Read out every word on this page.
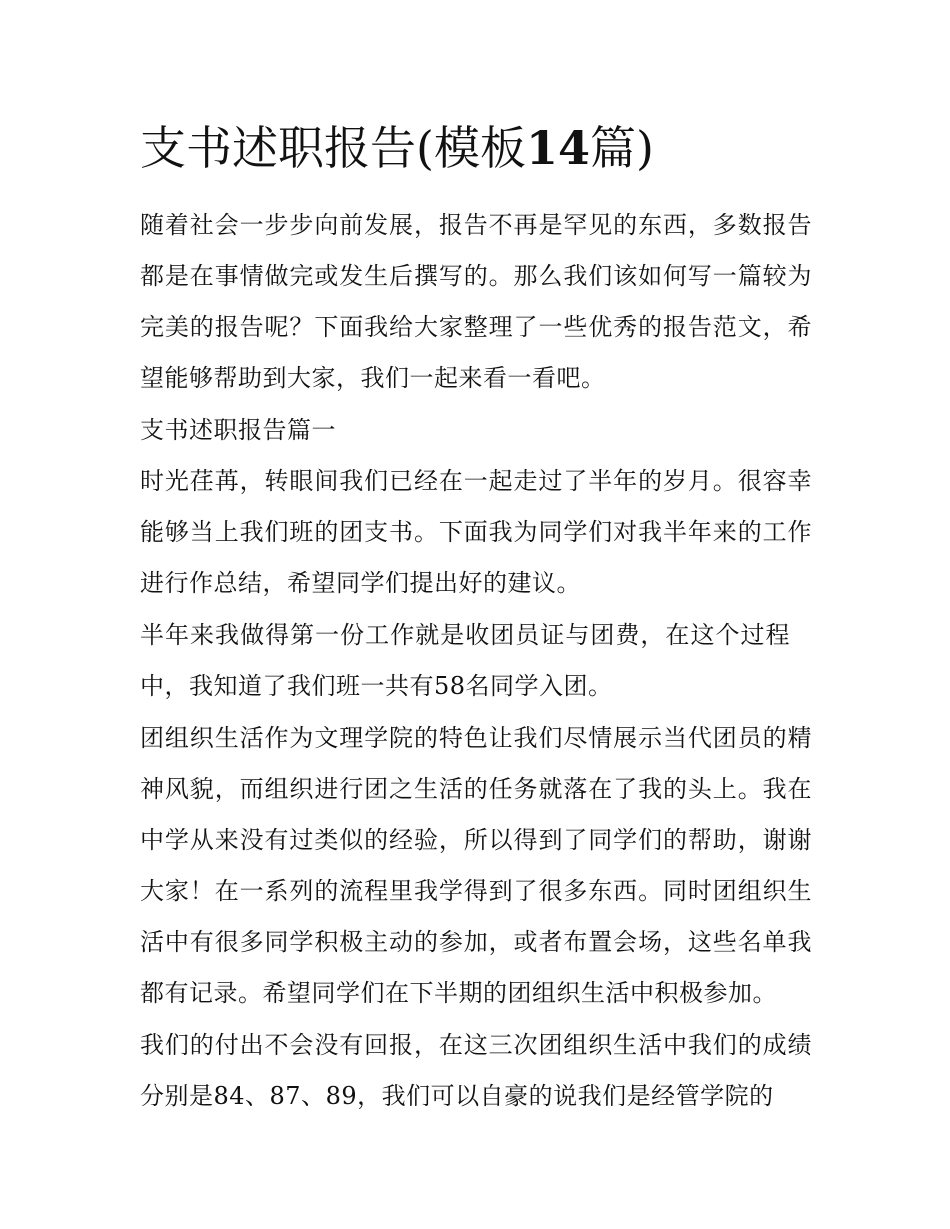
支书述职报告(模板14篇)

随着社会一步步向前发展，报告不再是罕见的东西，多数报告都是在事情做完或发生后撰写的。那么我们该如何写一篇较为完美的报告呢？下面我给大家整理了一些优秀的报告范文，希望能够帮助到大家，我们一起来看一看吧。

支书述职报告篇一

时光荏苒，转眼间我们已经在一起走过了半年的岁月。很容幸能够当上我们班的团支书。下面我为同学们对我半年来的工作进行作总结，希望同学们提出好的建议。

半年来我做得第一份工作就是收团员证与团费，在这个过程中，我知道了我们班一共有58名同学入团。

团组织生活作为文理学院的特色让我们尽情展示当代团员的精神风貌，而组织进行团之生活的任务就落在了我的头上。我在中学从来没有过类似的经验，所以得到了同学们的帮助，谢谢大家！在一系列的流程里我学得到了很多东西。同时团组织生活中有很多同学积极主动的参加，或者布置会场，这些名单我都有记录。希望同学们在下半期的团组织生活中积极参加。

我们的付出不会没有回报，在这三次团组织生活中我们的成绩分别是84、87、89，我们可以自豪的说我们是经管学院的
